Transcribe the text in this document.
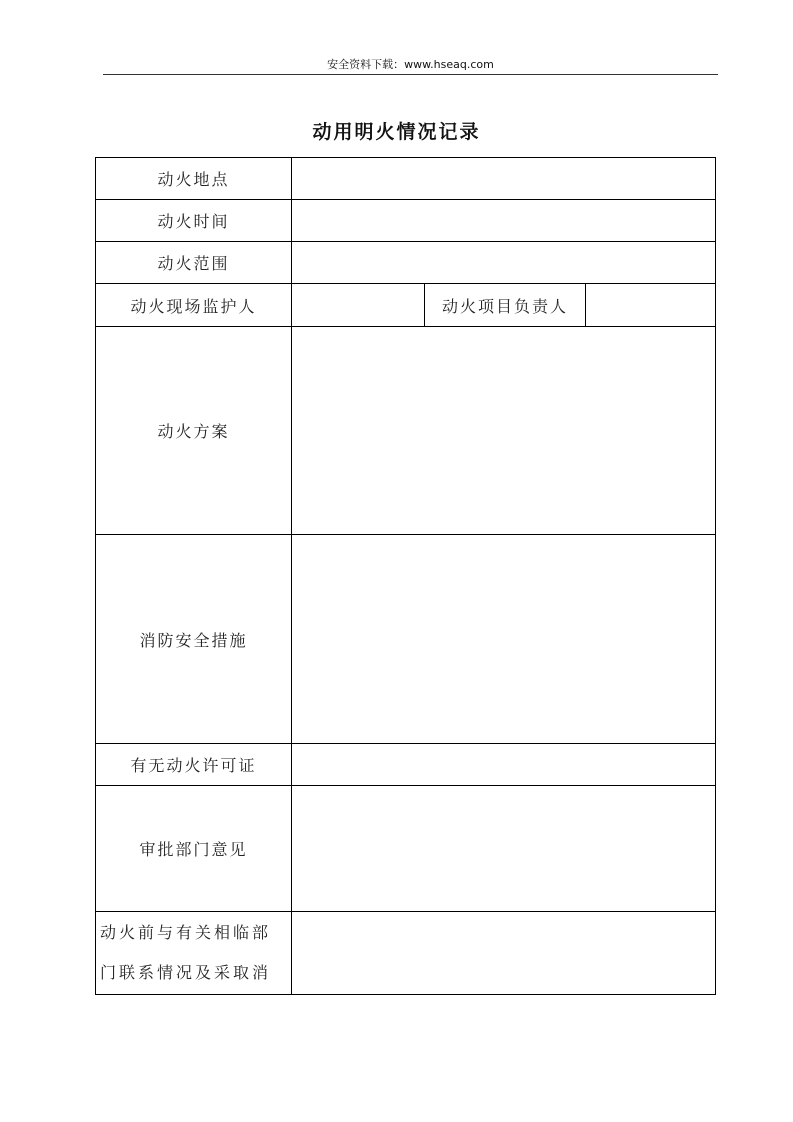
安全资料下载：www.hseaq.com
动用明火情况记录
动火地点			
动火时间			
动火范围			
动火现场监护人		动火项目负责人	
动火方案			
消防安全措施			
有无动火许可证			
审批部门意见			

动火前与有关相临部
门联系情况及采取消			
